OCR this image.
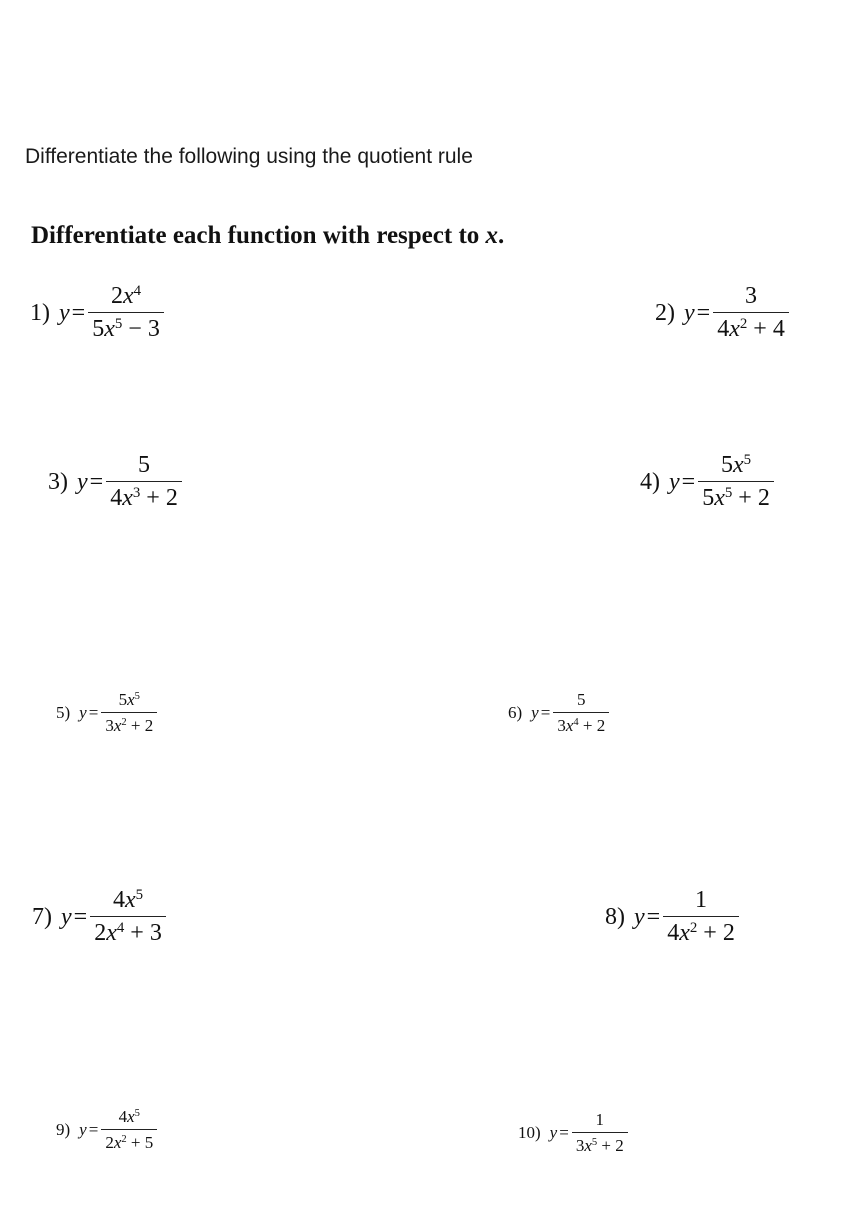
Differentiate the following using the quotient rule
Differentiate each function with respect to x.
1) $y = \frac{2x^4}{5x^5 - 3}$	2) $y = \frac{3}{4x^2 + 4}$
3) $y = \frac{5}{4x^3 + 2}$	4) $y = \frac{5x^5}{5x^5 + 2}$
5) $y = \frac{5x^5}{3x^2 + 2}$	6) $y = \frac{5}{3x^4 + 2}$
7) $y = \frac{4x^5}{2x^4 + 3}$	8) $y = \frac{1}{4x^2 + 2}$
9) $y = \frac{4x^5}{2x^2 + 5}$	10) $y = \frac{1}{3x^5 + 2}$
